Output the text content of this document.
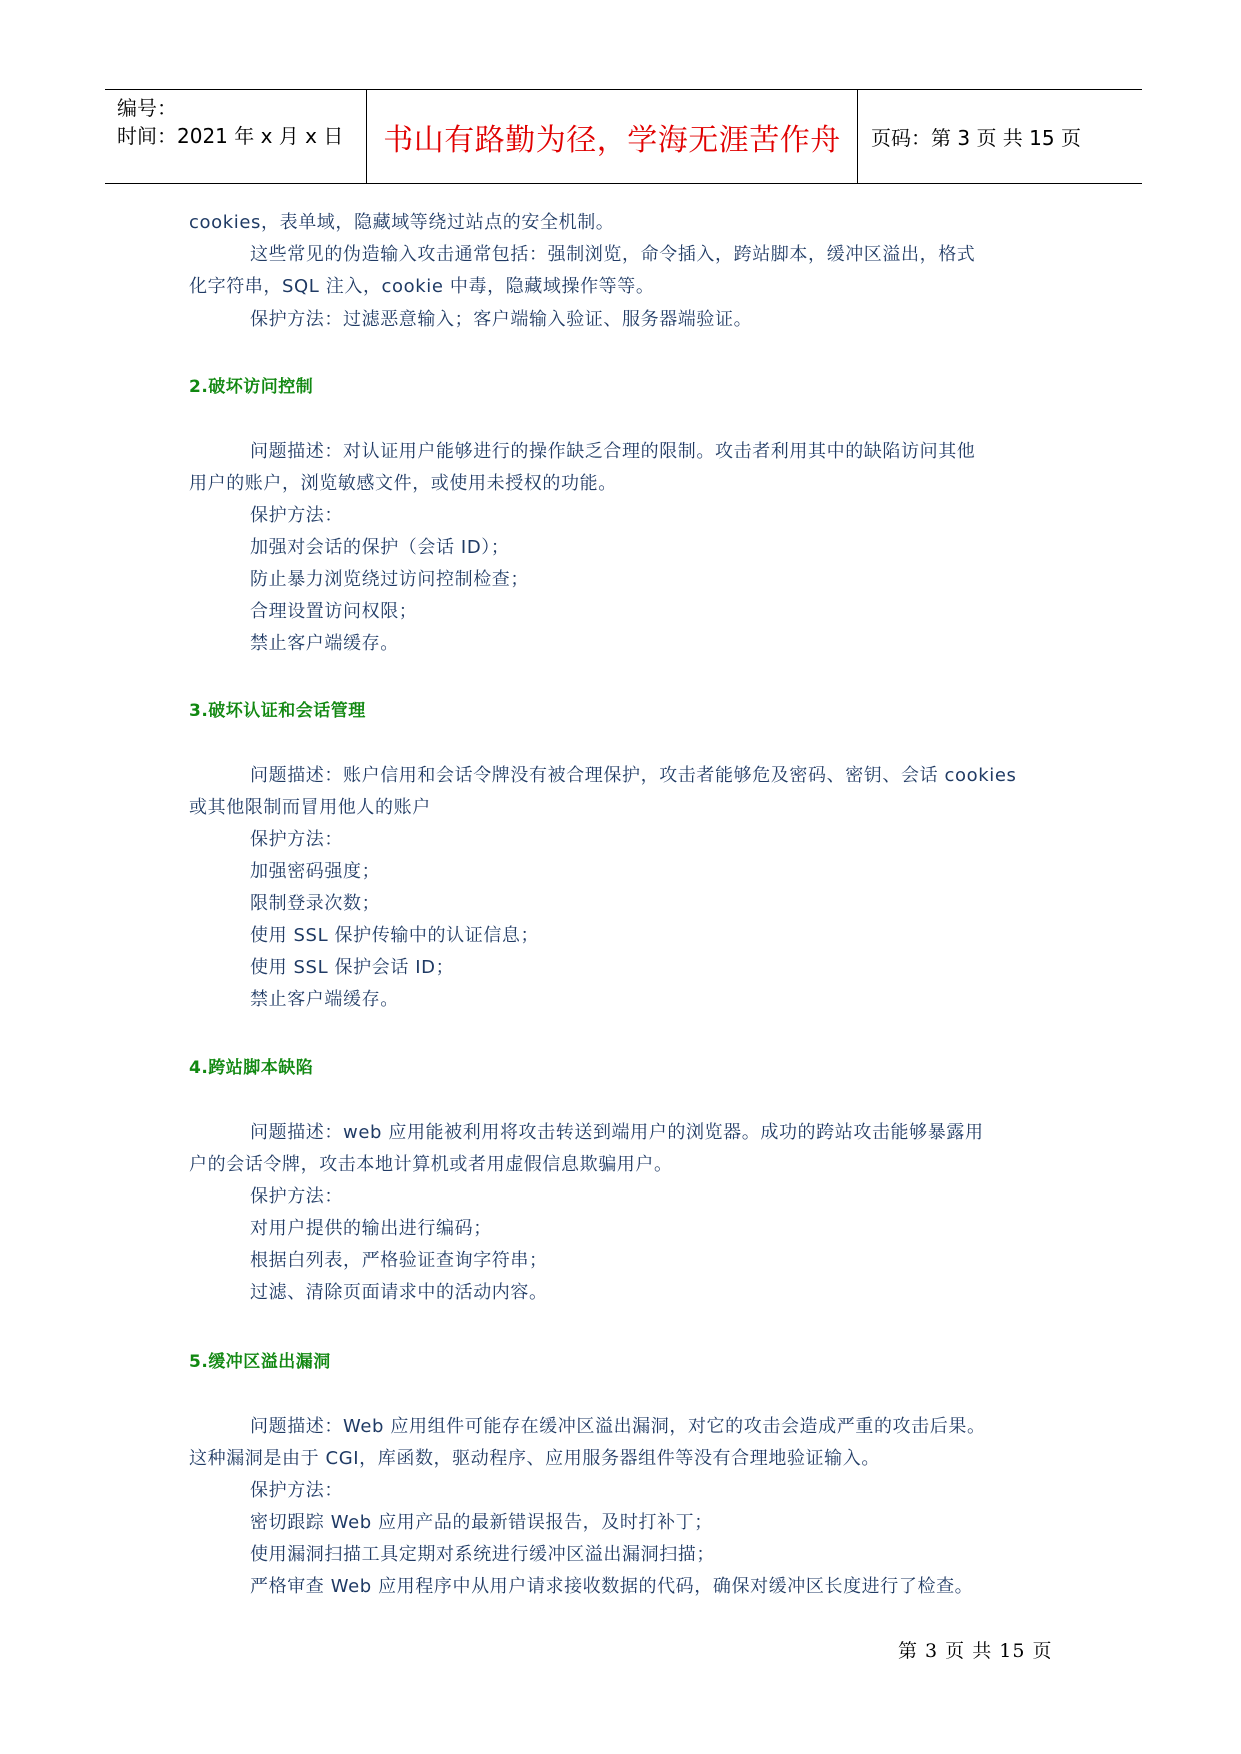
编号：
时间：2021 年 x 月 x 日	书山有路勤为径，学海无涯苦作舟	页码：第 3 页 共 15 页
cookies，表单域，隐藏域等绕过站点的安全机制。
这些常见的伪造输入攻击通常包括：强制浏览，命令插入，跨站脚本，缓冲区溢出，格式
化字符串，SQL 注入，cookie 中毒，隐藏域操作等等。
保护方法：过滤恶意输入；客户端输入验证、服务器端验证。
2.破坏访问控制
问题描述：对认证用户能够进行的操作缺乏合理的限制。攻击者利用其中的缺陷访问其他
用户的账户，浏览敏感文件，或使用未授权的功能。
保护方法：
加强对会话的保护（会话 ID）；
防止暴力浏览绕过访问控制检查；
合理设置访问权限；
禁止客户端缓存。
3.破坏认证和会话管理
问题描述：账户信用和会话令牌没有被合理保护，攻击者能够危及密码、密钥、会话 cookies
或其他限制而冒用他人的账户
保护方法：
加强密码强度；
限制登录次数；
使用 SSL 保护传输中的认证信息；
使用 SSL 保护会话 ID；
禁止客户端缓存。
4.跨站脚本缺陷
问题描述：web 应用能被利用将攻击转送到端用户的浏览器。成功的跨站攻击能够暴露用
户的会话令牌，攻击本地计算机或者用虚假信息欺骗用户。
保护方法：
对用户提供的输出进行编码；
根据白列表，严格验证查询字符串；
过滤、清除页面请求中的活动内容。
5.缓冲区溢出漏洞
问题描述：Web 应用组件可能存在缓冲区溢出漏洞，对它的攻击会造成严重的攻击后果。
这种漏洞是由于 CGI，库函数，驱动程序、应用服务器组件等没有合理地验证输入。
保护方法：
密切跟踪 Web 应用产品的最新错误报告，及时打补丁；
使用漏洞扫描工具定期对系统进行缓冲区溢出漏洞扫描；
严格审查 Web 应用程序中从用户请求接收数据的代码，确保对缓冲区长度进行了检查。
第 3 页 共 15 页
